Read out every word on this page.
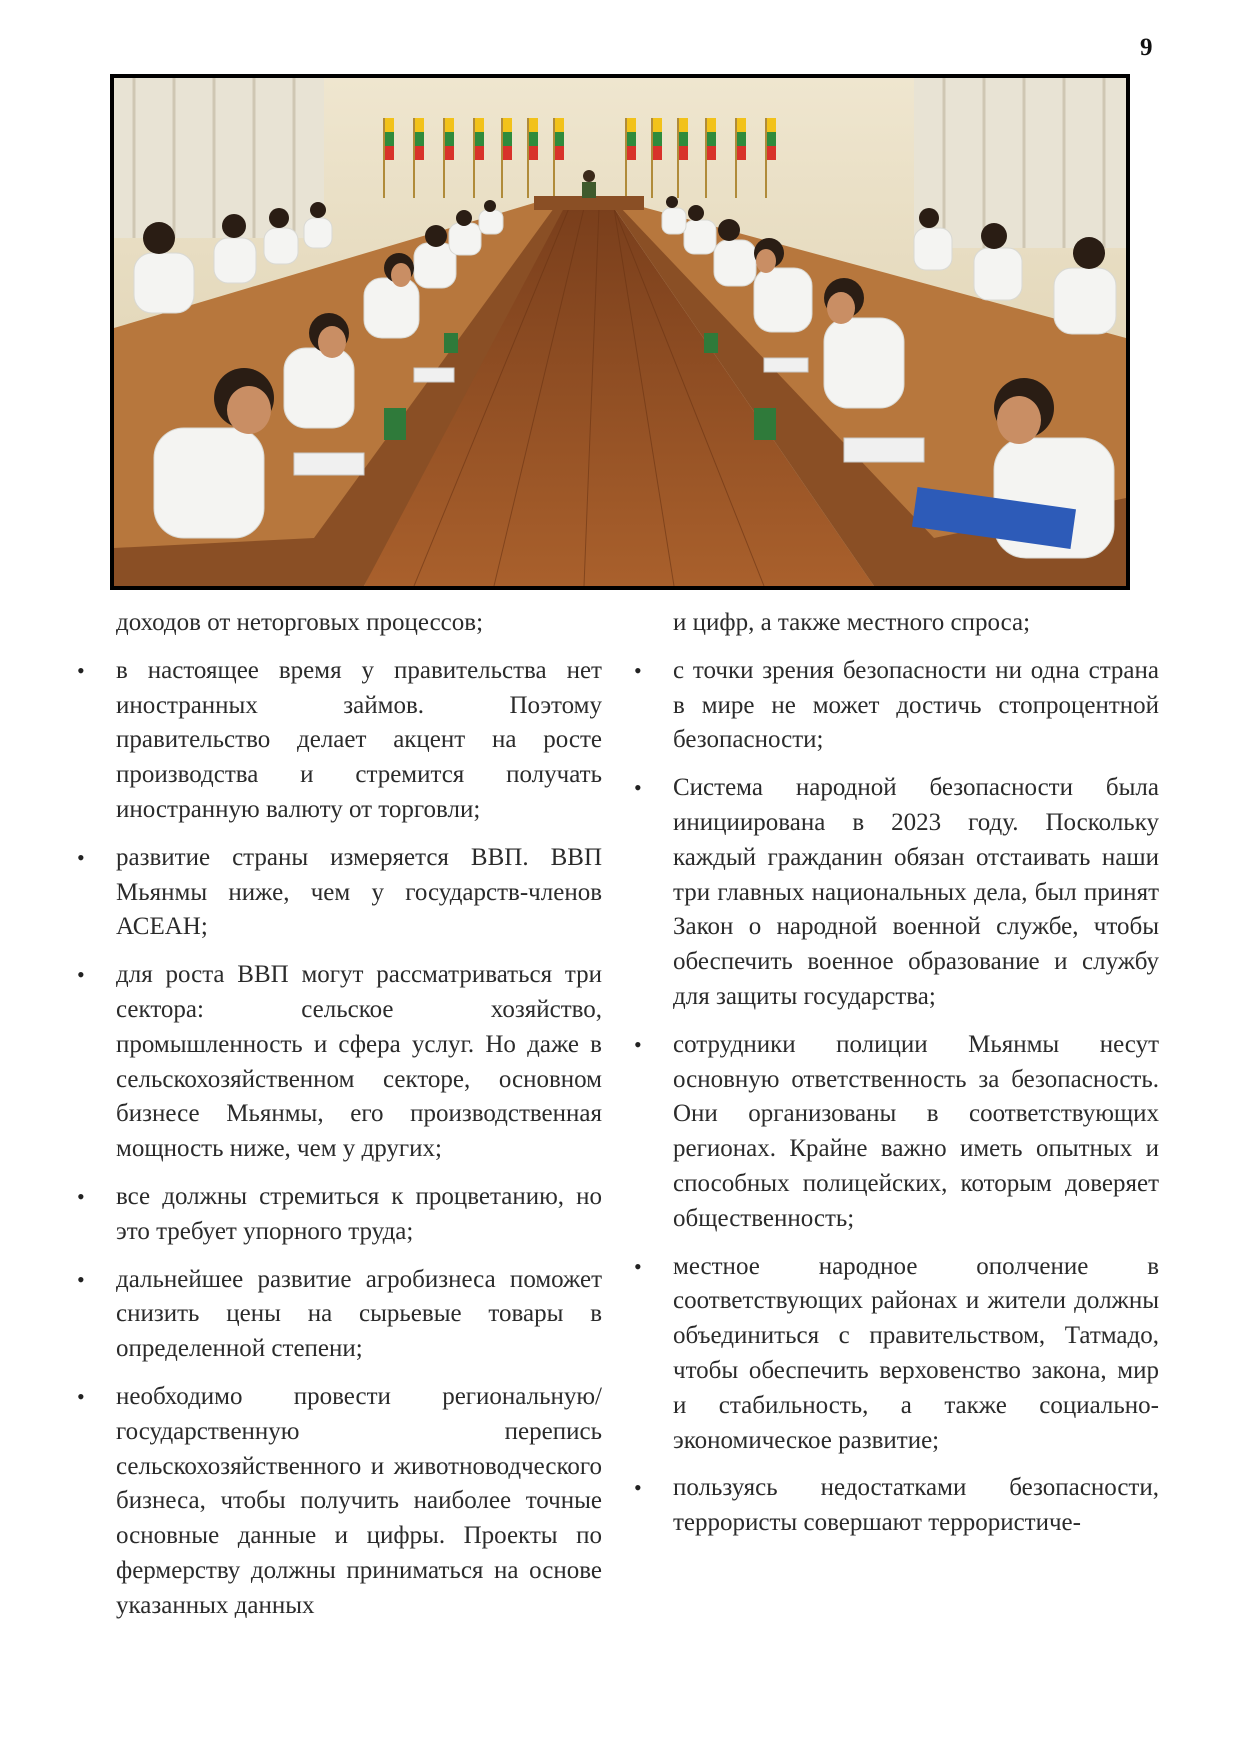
9

доходов от неторговых процессов;

• в настоящее время у правительства нет иностранных займов. Поэтому правительство делает акцент на росте производства и стремится получать иностранную валюту от торговли;
• развитие страны измеряется ВВП. ВВП Мьянмы ниже, чем у государств-членов АСЕАН;
• для роста ВВП могут рассматриваться три сектора: сельское хозяйство, промышленность и сфера услуг. Но даже в сельскохозяйственном секторе, основном бизнесе Мьянмы, его производственная мощность ниже, чем у других;
• все должны стремиться к процветанию, но это требует упорного труда;
• дальнейшее развитие агробизнеса поможет снизить цены на сырьевые товары в определенной степени;
• необходимо провести региональную/ государственную перепись сельскохозяйственного и животноводческого бизнеса, чтобы получить наиболее точные основные данные и цифры. Проекты по фермерству должны приниматься на основе указанных данных

и цифр, а также местного спроса;

• с точки зрения безопасности ни одна страна в мире не может достичь стопроцентной безопасности;
• Система народной безопасности была инициирована в 2023 году. Поскольку каждый гражданин обязан отстаивать наши три главных национальных дела, был принят Закон о народной военной службе, чтобы обеспечить военное образование и службу для защиты государства;
• сотрудники полиции Мьянмы несут основную ответственность за безопасность. Они организованы в соответствующих регионах. Крайне важно иметь опытных и способных полицейских, которым доверяет общественность;
• местное народное ополчение в соответствующих районах и жители должны объединиться с правительством, Татмадо, чтобы обеспечить верховенство закона, мир и стабильность, а также социально-экономическое развитие;
• пользуясь недостатками безопасности, террористы совершают террористиче-
